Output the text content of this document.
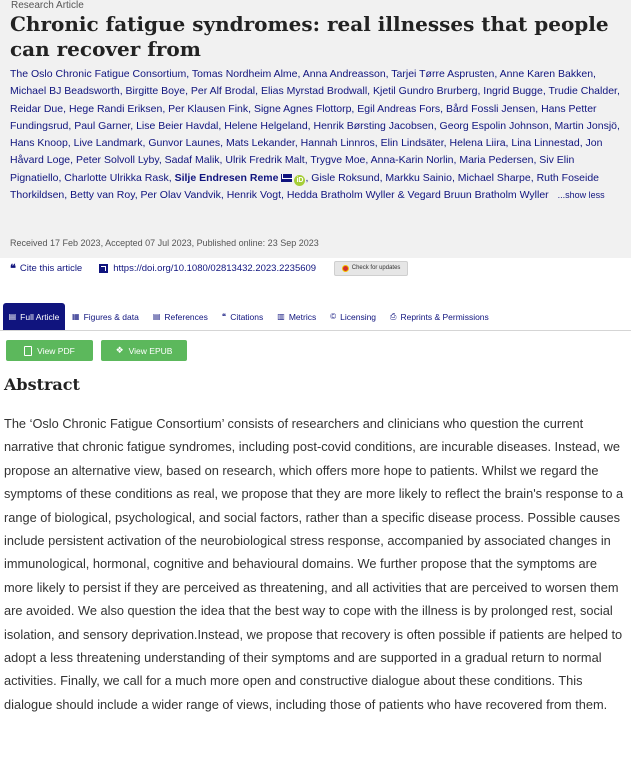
Research Article
Chronic fatigue syndromes: real illnesses that people can recover from
The Oslo Chronic Fatigue Consortium, Tomas Nordheim Alme, Anna Andreasson, Tarjei Tørre Asprusten, Anne Karen Bakken, Michael BJ Beadsworth, Birgitte Boye, Per Alf Brodal, Elias Myrstad Brodwall, Kjetil Gundro Brurberg, Ingrid Bugge, Trudie Chalder, Reidar Due, Hege Randi Eriksen, Per Klausen Fink, Signe Agnes Flottorp, Egil Andreas Fors, Bård Fossli Jensen, Hans Petter Fundingsrud, Paul Garner, Lise Beier Havdal, Helene Helgeland, Henrik Børsting Jacobsen, Georg Espolin Johnson, Martin Jonsjö, Hans Knoop, Live Landmark, Gunvor Launes, Mats Lekander, Hannah Linnros, Elin Lindsäter, Helena Liira, Lina Linnestad, Jon Håvard Loge, Peter Solvoll Lyby, Sadaf Malik, Ulrik Fredrik Malt, Trygve Moe, Anna-Karin Norlin, Maria Pedersen, Siv Elin Pignatiello, Charlotte Ulrikka Rask, Silje Endresen Reme	iD , Gisle Roksund, Markku Sainio, Michael Sharpe, Ruth Foseide Thorkildsen, Betty van Roy, Per Olav Vandvik, Henrik Vogt, Hedda Bratholm Wyller & Vegard Bruun Bratholm Wyller ...show less
Received 17 Feb 2023, Accepted 07 Jul 2023, Published online: 23 Sep 2023
❝ Cite this article	https://doi.org/10.1080/02813432.2023.2235609	Check for updates
▤ Full Article ▦ Figures & data ▤ References ❝ Citations ▥ Metrics © Licensing ⎙ Reprints & Permissions
View PDF	❖ View EPUB
Abstract

The ‘Oslo Chronic Fatigue Consortium’ consists of researchers and clinicians who question the current narrative that chronic fatigue syndromes, including post-covid conditions, are incurable diseases. Instead, we propose an alternative view, based on research, which offers more hope to patients. Whilst we regard the symptoms of these conditions as real, we propose that they are more likely to reflect the brain's response to a range of biological, psychological, and social factors, rather than a specific disease process. Possible causes include persistent activation of the neurobiological stress response, accompanied by associated changes in immunological, hormonal, cognitive and behavioural domains. We further propose that the symptoms are more likely to persist if they are perceived as threatening, and all activities that are perceived to worsen them are avoided. We also question the idea that the best way to cope with the illness is by prolonged rest, social isolation, and sensory deprivation.Instead, we propose that recovery is often possible if patients are helped to adopt a less threatening understanding of their symptoms and are supported in a gradual return to normal activities. Finally, we call for a much more open and constructive dialogue about these conditions. This dialogue should include a wider range of views, including those of patients who have recovered from them.
